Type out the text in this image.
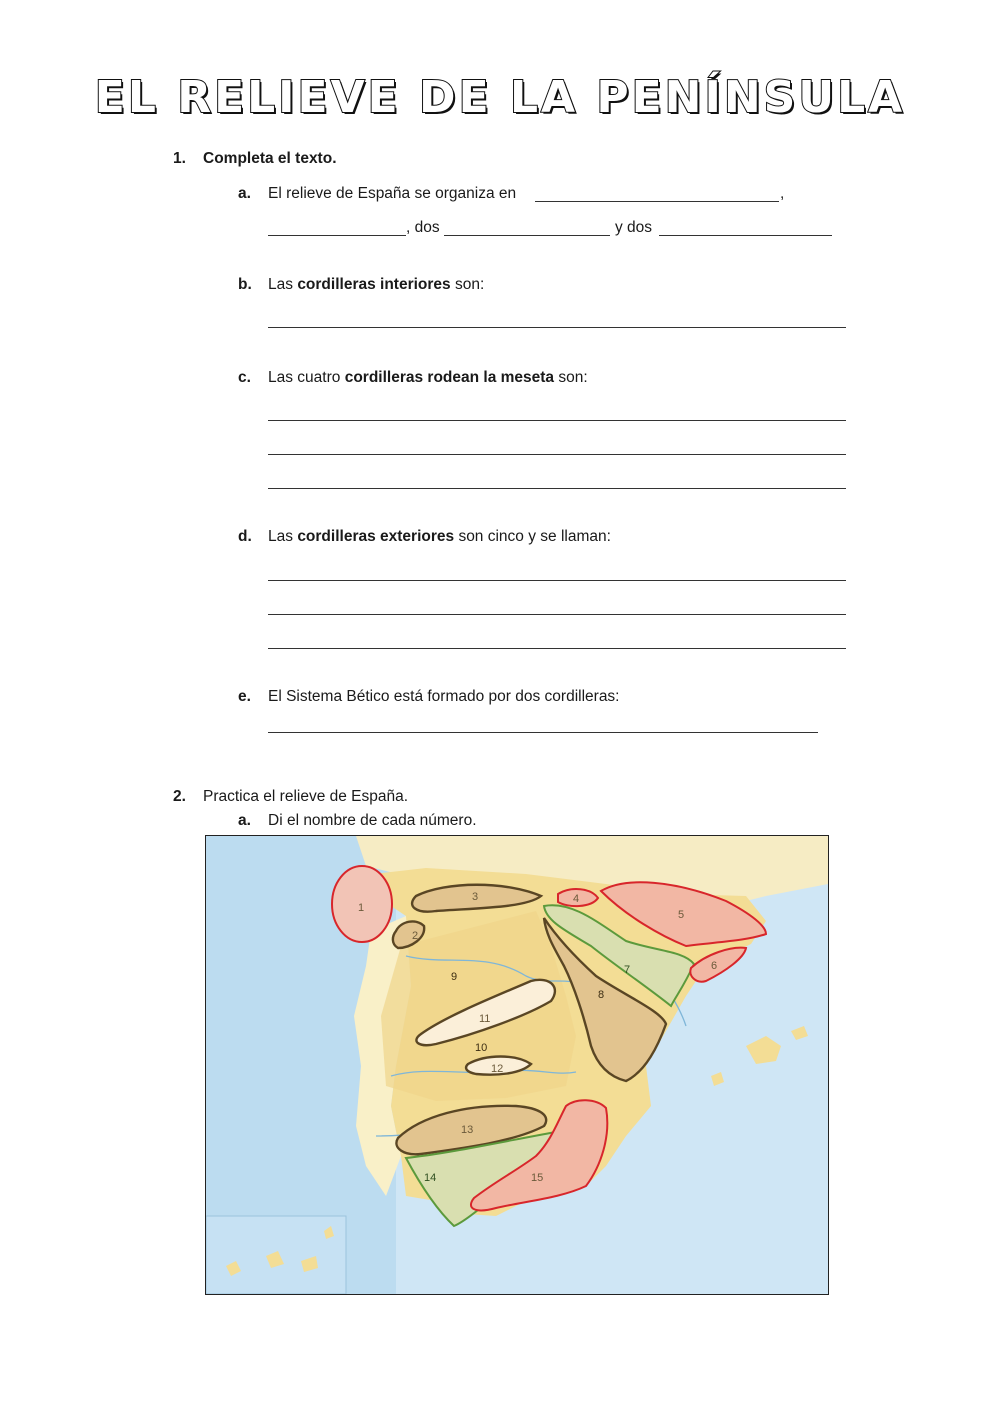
EL RELIEVE DE LA PENÍNSULA
1. Completa el texto.
a. El relieve de España se organiza en	,
, dos	y dos
b. Las cordilleras interiores son:
c. Las cuatro cordilleras rodean la meseta son:
d. Las cordilleras exteriores son cinco y se llaman:
e. El Sistema Bético está formado por dos cordilleras:
2. Practica el relieve de España.
a. Di el nombre de cada número.
1
2
3	4
5
6
7
8
9
10
11
12
13
14	15
